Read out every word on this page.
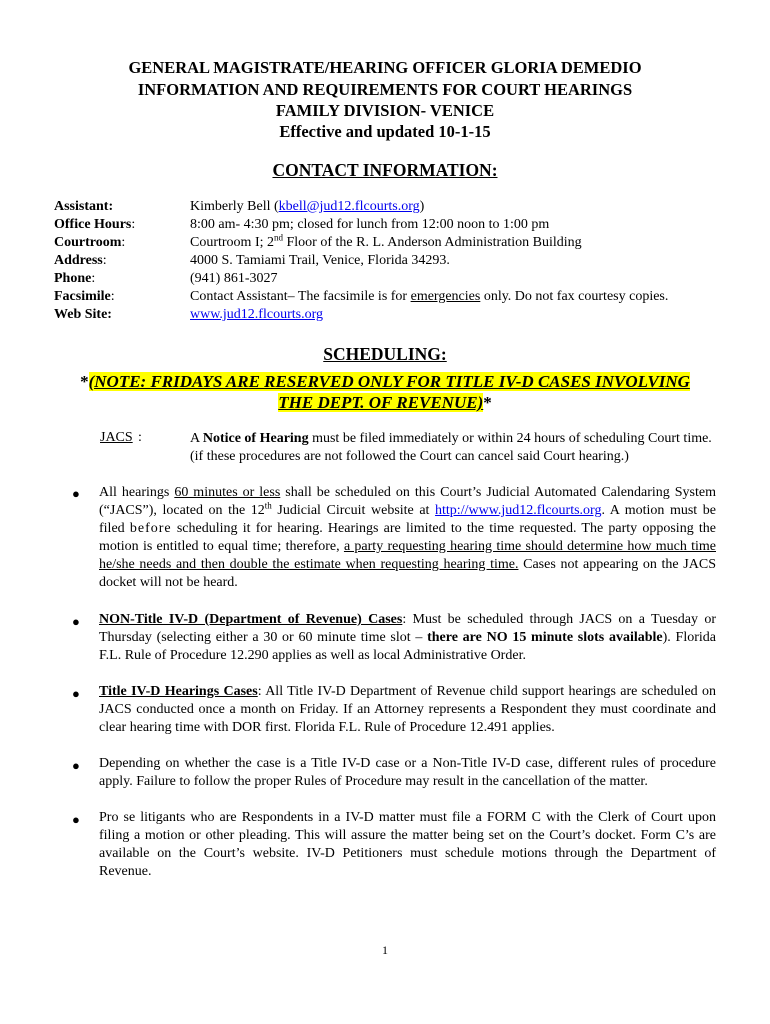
GENERAL MAGISTRATE/HEARING OFFICER GLORIA DEMEDIO
INFORMATION AND REQUIREMENTS FOR COURT HEARINGS
FAMILY DIVISION- VENICE
Effective and updated 10-1-15
CONTACT INFORMATION:
Assistant:	Kimberly Bell (kbell@jud12.flcourts.org)
Office Hours:	8:00 am- 4:30 pm; closed for lunch from 12:00 noon to 1:00 pm
Courtroom:	Courtroom I; 2nd Floor of the R. L. Anderson Administration Building
Address:	4000 S. Tamiami Trail, Venice, Florida 34293.
Phone:	(941) 861-3027
Facsimile:	Contact Assistant– The facsimile is for emergencies only. Do not fax courtesy copies.
Web Site:	www.jud12.flcourts.org
SCHEDULING:
*(NOTE: FRIDAYS ARE RESERVED ONLY FOR TITLE IV-D CASES INVOLVING
THE DEPT. OF REVENUE)*
JACS :	A Notice of Hearing must be filed immediately or within 24 hours of scheduling Court time. (if these procedures are not followed the Court can cancel said Court hearing.)
● All hearings 60 minutes or less shall be scheduled on this Court’s Judicial Automated Calendaring System (“JACS”), located on the 12th Judicial Circuit website at http://www.jud12.flcourts.org. A motion must be filed before scheduling it for hearing. Hearings are limited to the time requested. The party opposing the motion is entitled to equal time; therefore, a party requesting hearing time should determine how much time he/she needs and then double the estimate when requesting hearing time. Cases not appearing on the JACS docket will not be heard.
● NON-Title IV-D (Department of Revenue) Cases: Must be scheduled through JACS on a Tuesday or Thursday (selecting either a 30 or 60 minute time slot – there are NO 15 minute slots available). Florida F.L. Rule of Procedure 12.290 applies as well as local Administrative Order.
● Title IV-D Hearings Cases: All Title IV-D Department of Revenue child support hearings are scheduled on JACS conducted once a month on Friday. If an Attorney represents a Respondent they must coordinate and clear hearing time with DOR first. Florida F.L. Rule of Procedure 12.491 applies.
● Depending on whether the case is a Title IV-D case or a Non-Title IV-D case, different rules of procedure apply. Failure to follow the proper Rules of Procedure may result in the cancellation of the matter.
● Pro se litigants who are Respondents in a IV-D matter must file a FORM C with the Clerk of Court upon filing a motion or other pleading. This will assure the matter being set on the Court’s docket. Form C’s are available on the Court’s website. IV-D Petitioners must schedule motions through the Department of Revenue.
1
